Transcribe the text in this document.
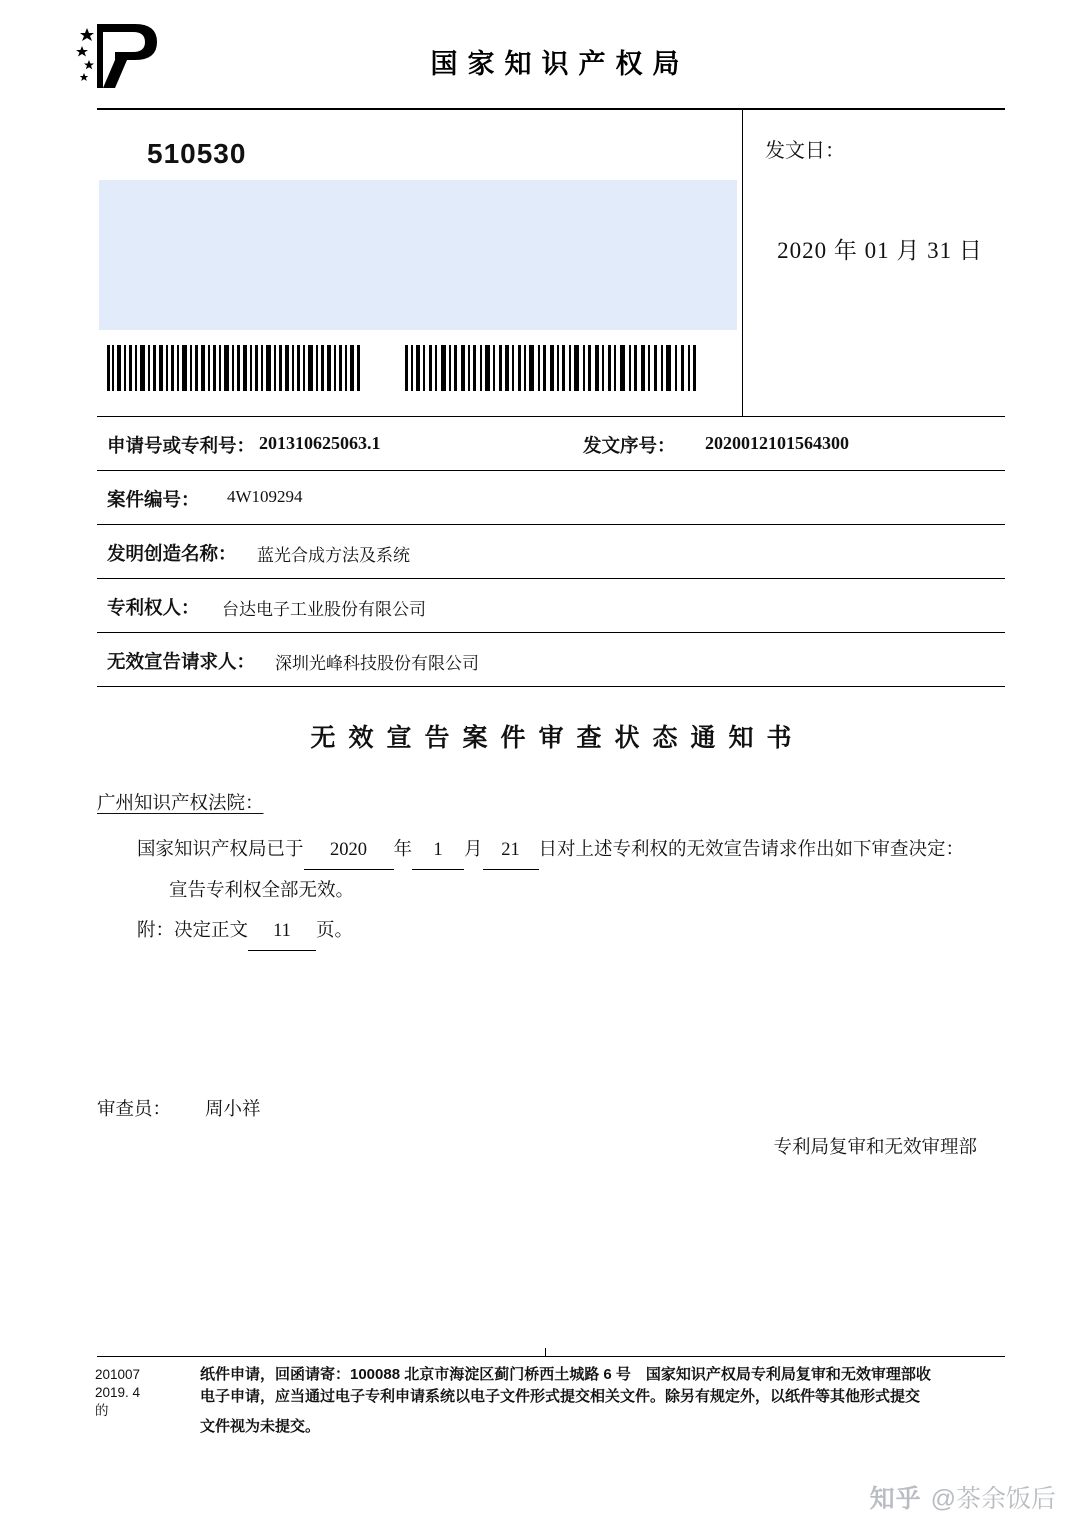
国家知识产权局
510530	发文日：
2020 年 01 月 31 日
申请号或专利号： 201310625063.1	发文序号： 2020012101564300
案件编号： 4W109294
发明创造名称： 蓝光合成方法及系统
专利权人： 台达电子工业股份有限公司
无效宣告请求人： 深圳光峰科技股份有限公司
无效宣告案件审查状态通知书
广州知识产权法院：
国家知识产权局已于 2020 年 1 月 21 日对上述专利权的无效宣告请求作出如下审查决定：
宣告专利权全部无效。
附：决定正文 11 页。
审查员： 周小祥
专利局复审和无效审理部
201007
2019. 4
的
纸件申请，回函请寄：100088 北京市海淀区蓟门桥西土城路 6 号　国家知识产权局专利局复审和无效审理部收
电子申请，应当通过电子专利申请系统以电子文件形式提交相关文件。除另有规定外，以纸件等其他形式提交
文件视为未提交。
知乎 @茶余饭后
